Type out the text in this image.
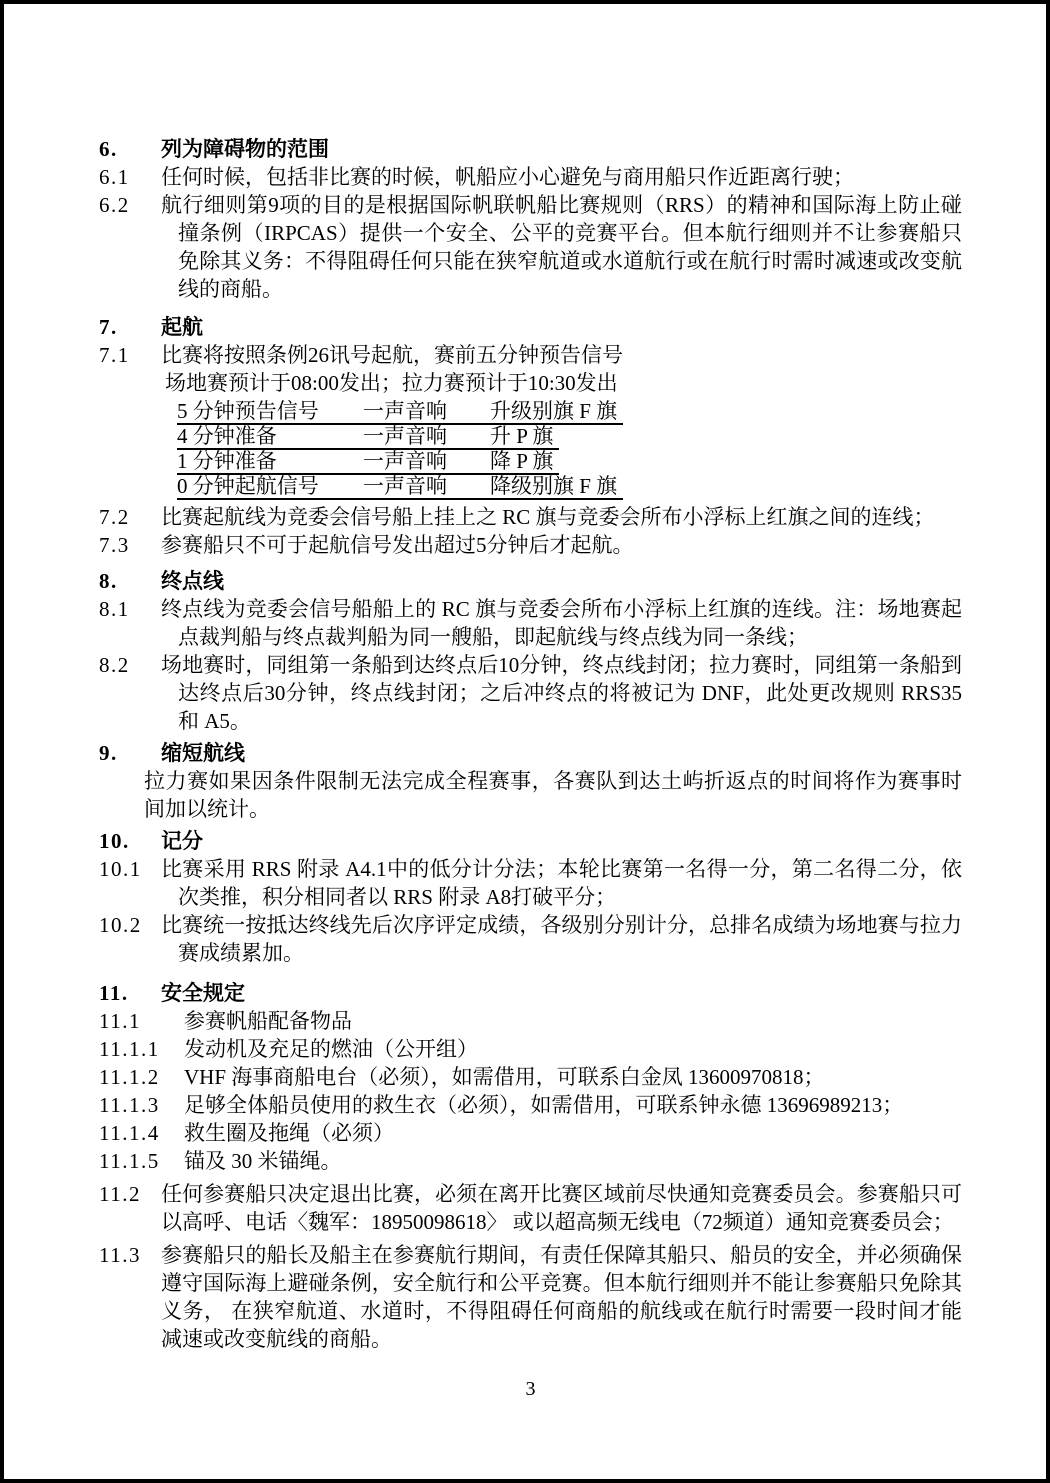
6.	列为障碍物的范围
6.1	任何时候，包括非比赛的时候，帆船应小心避免与商用船只作近距离行驶；
6.2	航行细则第9项的目的是根据国际帆联帆船比赛规则（RRS）的精神和国际海上防止碰撞条例（IRPCAS）提供一个安全、公平的竞赛平台。但本航行细则并不让参赛船只免除其义务：不得阻碍任何只能在狭窄航道或水道航行或在航行时需时减速或改变航线的商船。
7.	起航
7.1	比赛将按照条例26讯号起航，赛前五分钟预告信号
场地赛预计于08:00发出；拉力赛预计于10:30发出
5 分钟预告信号	一声音响	升级别旗 F 旗
4 分钟准备	一声音响	升 P 旗
1 分钟准备	一声音响	降 P 旗
0 分钟起航信号	一声音响	降级别旗 F 旗
7.2	比赛起航线为竞委会信号船上挂上之 RC 旗与竞委会所布小浮标上红旗之间的连线；
7.3	参赛船只不可于起航信号发出超过5分钟后才起航。
8.	终点线
8.1	终点线为竞委会信号船船上的 RC 旗与竞委会所布小浮标上红旗的连线。注：场地赛起点裁判船与终点裁判船为同一艘船，即起航线与终点线为同一条线；
8.2	场地赛时，同组第一条船到达终点后10分钟，终点线封闭；拉力赛时，同组第一条船到达终点后30分钟，终点线封闭；之后冲终点的将被记为 DNF，此处更改规则 RRS35和 A5。
9.	缩短航线
拉力赛如果因条件限制无法完成全程赛事，各赛队到达土屿折返点的时间将作为赛事时间加以统计。
10.	记分
10.1 比赛采用 RRS 附录 A4.1中的低分计分法；本轮比赛第一名得一分，第二名得二分，依次类推，积分相同者以 RRS 附录 A8打破平分；
10.2 比赛统一按抵达终线先后次序评定成绩，各级别分别计分，总排名成绩为场地赛与拉力赛成绩累加。
11.	安全规定
11.1	参赛帆船配备物品
11.1.1	发动机及充足的燃油（公开组）
11.1.2	VHF 海事商船电台（必须），如需借用，可联系白金凤 13600970818；
11.1.3	足够全体船员使用的救生衣（必须），如需借用，可联系钟永德 13696989213；
11.1.4	救生圈及拖绳（必须）
11.1.5	锚及 30 米锚绳。
11.2 任何参赛船只决定退出比赛，必须在离开比赛区域前尽快通知竞赛委员会。参赛船只可以高呼、电话〈魏军：18950098618〉 或以超高频无线电（72频道）通知竞赛委员会；
11.3 参赛船只的船长及船主在参赛航行期间，有责任保障其船只、船员的安全，并必须确保遵守国际海上避碰条例，安全航行和公平竞赛。但本航行细则并不能让参赛船只免除其义务， 在狭窄航道、水道时，不得阻碍任何商船的航线或在航行时需要一段时间才能减速或改变航线的商船。
3
